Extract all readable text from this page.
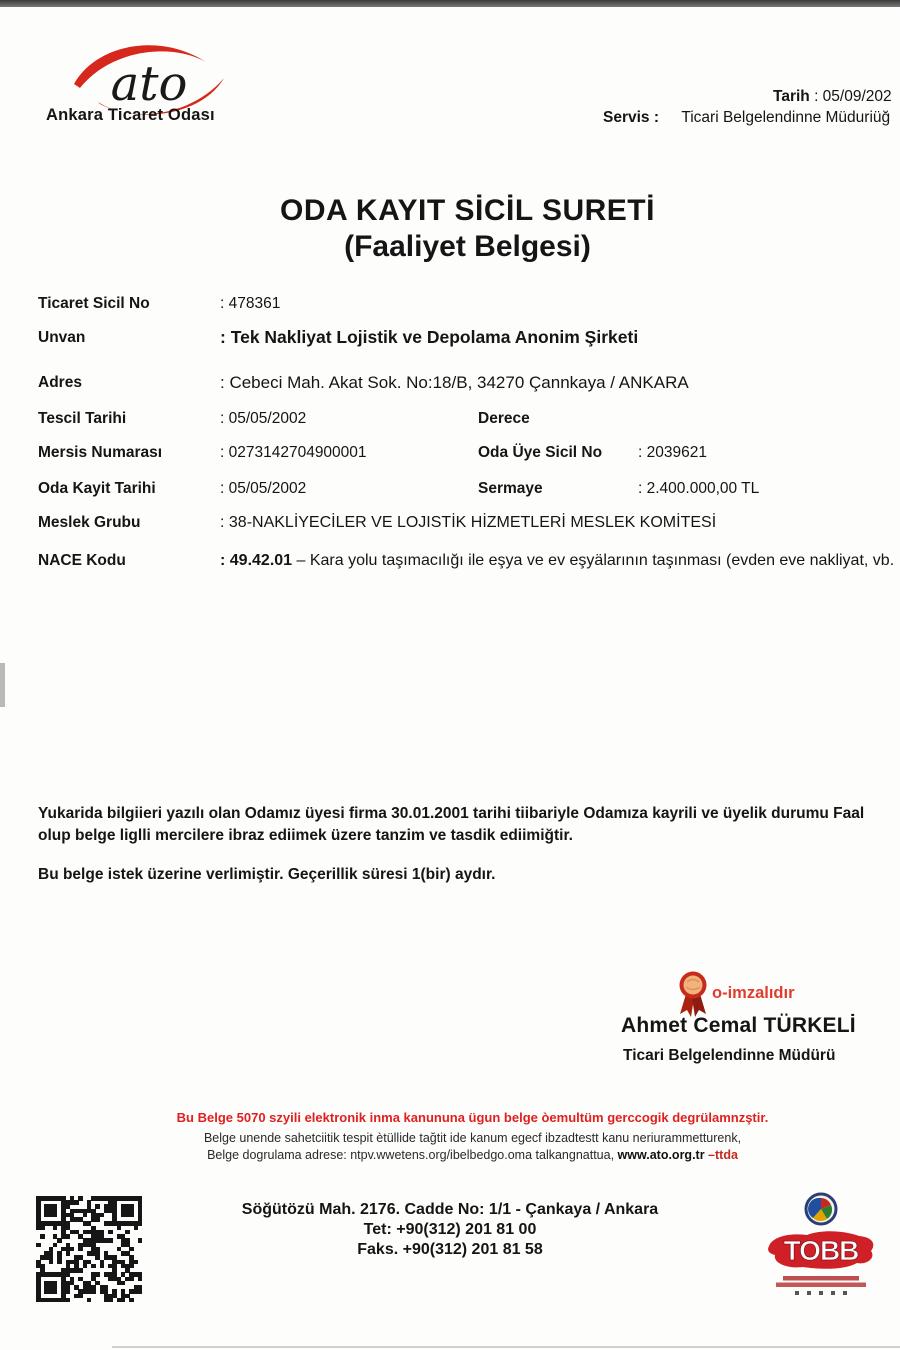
ato
Ankara Ticaret Odası
Tarih : 05/09/202
Servis : Ticari Belgelendinne Müduriüğ
ODA KAYIT SİCİL SURETİ
(Faaliyet Belgesi)
Ticaret Sicil No	: 478361
Unvan	: Tek Nakliyat Lojistik ve Depolama Anonim Şirketi
Adres	: Cebeci Mah. Akat Sok. No:18/B, 34270 Çannkaya / ANKARA
Tescil Tarihi	: 05/05/2002	Derece
Mersis Numarası	: 0273142704900001	Oda Üye Sicil No : 2039621
Oda Kayit Tarihi	: 05/05/2002	Sermaye	: 2.400.000,00 TL
Meslek Grubu	: 38-NAKLİYECİLER VE LOJISTİK HİZMETLERİ MESLEK KOMİTESİ
NACE Kodu	: 49.42.01 – Kara yolu taşımacılığı ile eşya ve ev eşyälarının taşınması (evden eve nakliyat, vb.
Yukarida bilgiieri yazılı olan Odamız üyesi firma 30.01.2001 tarihi tiibariyle Odamıza kayrili ve üyelik durumu Faal
olup belge liglli mercilere ibraz ediimek üzere tanzim ve tasdik ediimiğtir.
Bu belge istek üzerine verlimiştir. Geçerillik süresi 1(bir) aydır.
o-imzalıdır
Ahmet Cemal TÜRKELİ
Ticari Belgelendinne Müdürü
Bu Belge 5070 szyili elektronik inma kanununa ügun belge òemultüm gerccogik degrülamnzştir.
Belge unende sahetciitik tespit ètüllide tağtit ide kanum egecf ibzadtestt kanu neriurammetturenk,
Belge dogrulama adrese: ntpv.wwetens.org/ibelbedgo.oma talkangnattua, www.ato.org.tr –ttda
Söğütözü Mah. 2176. Cadde No: 1/1 - Çankaya / Ankara
Tet: +90(312) 201 81 00
Faks. +90(312) 201 81 58	TOBB
